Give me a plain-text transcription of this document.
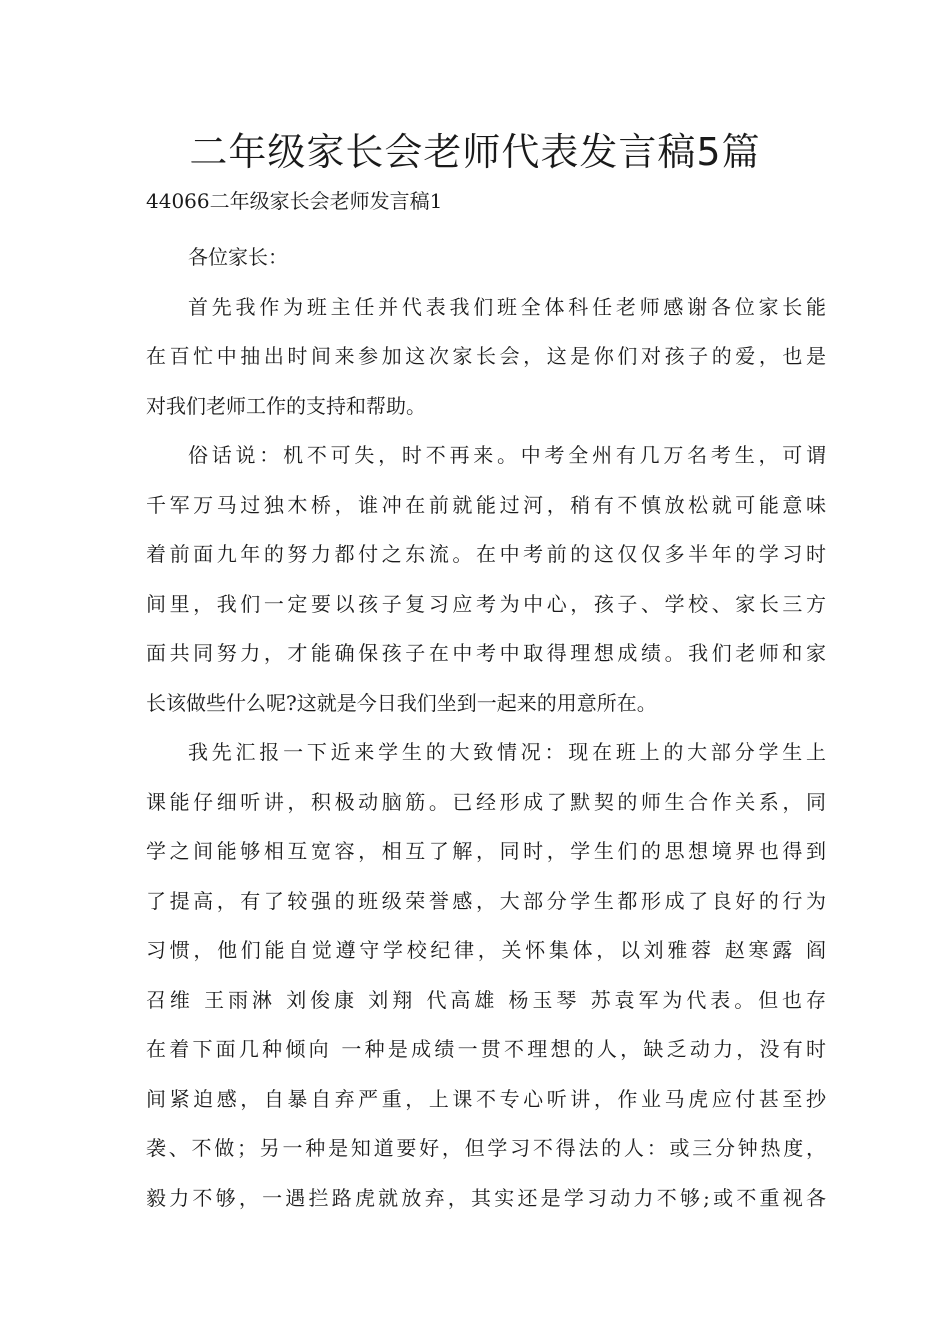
二年级家长会老师代表发言稿5篇
44066二年级家长会老师发言稿1
各位家长：
首先我作为班主任并代表我们班全体科任老师感谢各位家长能
在百忙中抽出时间来参加这次家长会，这是你们对孩子的爱，也是
对我们老师工作的支持和帮助。
俗话说：机不可失，时不再来。中考全州有几万名考生，可谓
千军万马过独木桥，谁冲在前就能过河，稍有不慎放松就可能意味
着前面九年的努力都付之东流。在中考前的这仅仅多半年的学习时
间里，我们一定要以孩子复习应考为中心，孩子、学校、家长三方
面共同努力，才能确保孩子在中考中取得理想成绩。我们老师和家
长该做些什么呢?这就是今日我们坐到一起来的用意所在。
我先汇报一下近来学生的大致情况：现在班上的大部分学生上
课能仔细听讲，积极动脑筋。已经形成了默契的师生合作关系，同
学之间能够相互宽容，相互了解，同时，学生们的思想境界也得到
了提高，有了较强的班级荣誉感，大部分学生都形成了良好的行为
习惯，他们能自觉遵守学校纪律，关怀集体，以刘雅蓉 赵寒露 阎
召维 王雨淋 刘俊康 刘翔 代高雄 杨玉琴 苏袁军为代表。但也存
在着下面几种倾向 一种是成绩一贯不理想的人，缺乏动力，没有时
间紧迫感，自暴自弃严重，上课不专心听讲，作业马虎应付甚至抄
袭、不做；另一种是知道要好，但学习不得法的人：或三分钟热度，
毅力不够，一遇拦路虎就放弃，其实还是学习动力不够;或不重视各
